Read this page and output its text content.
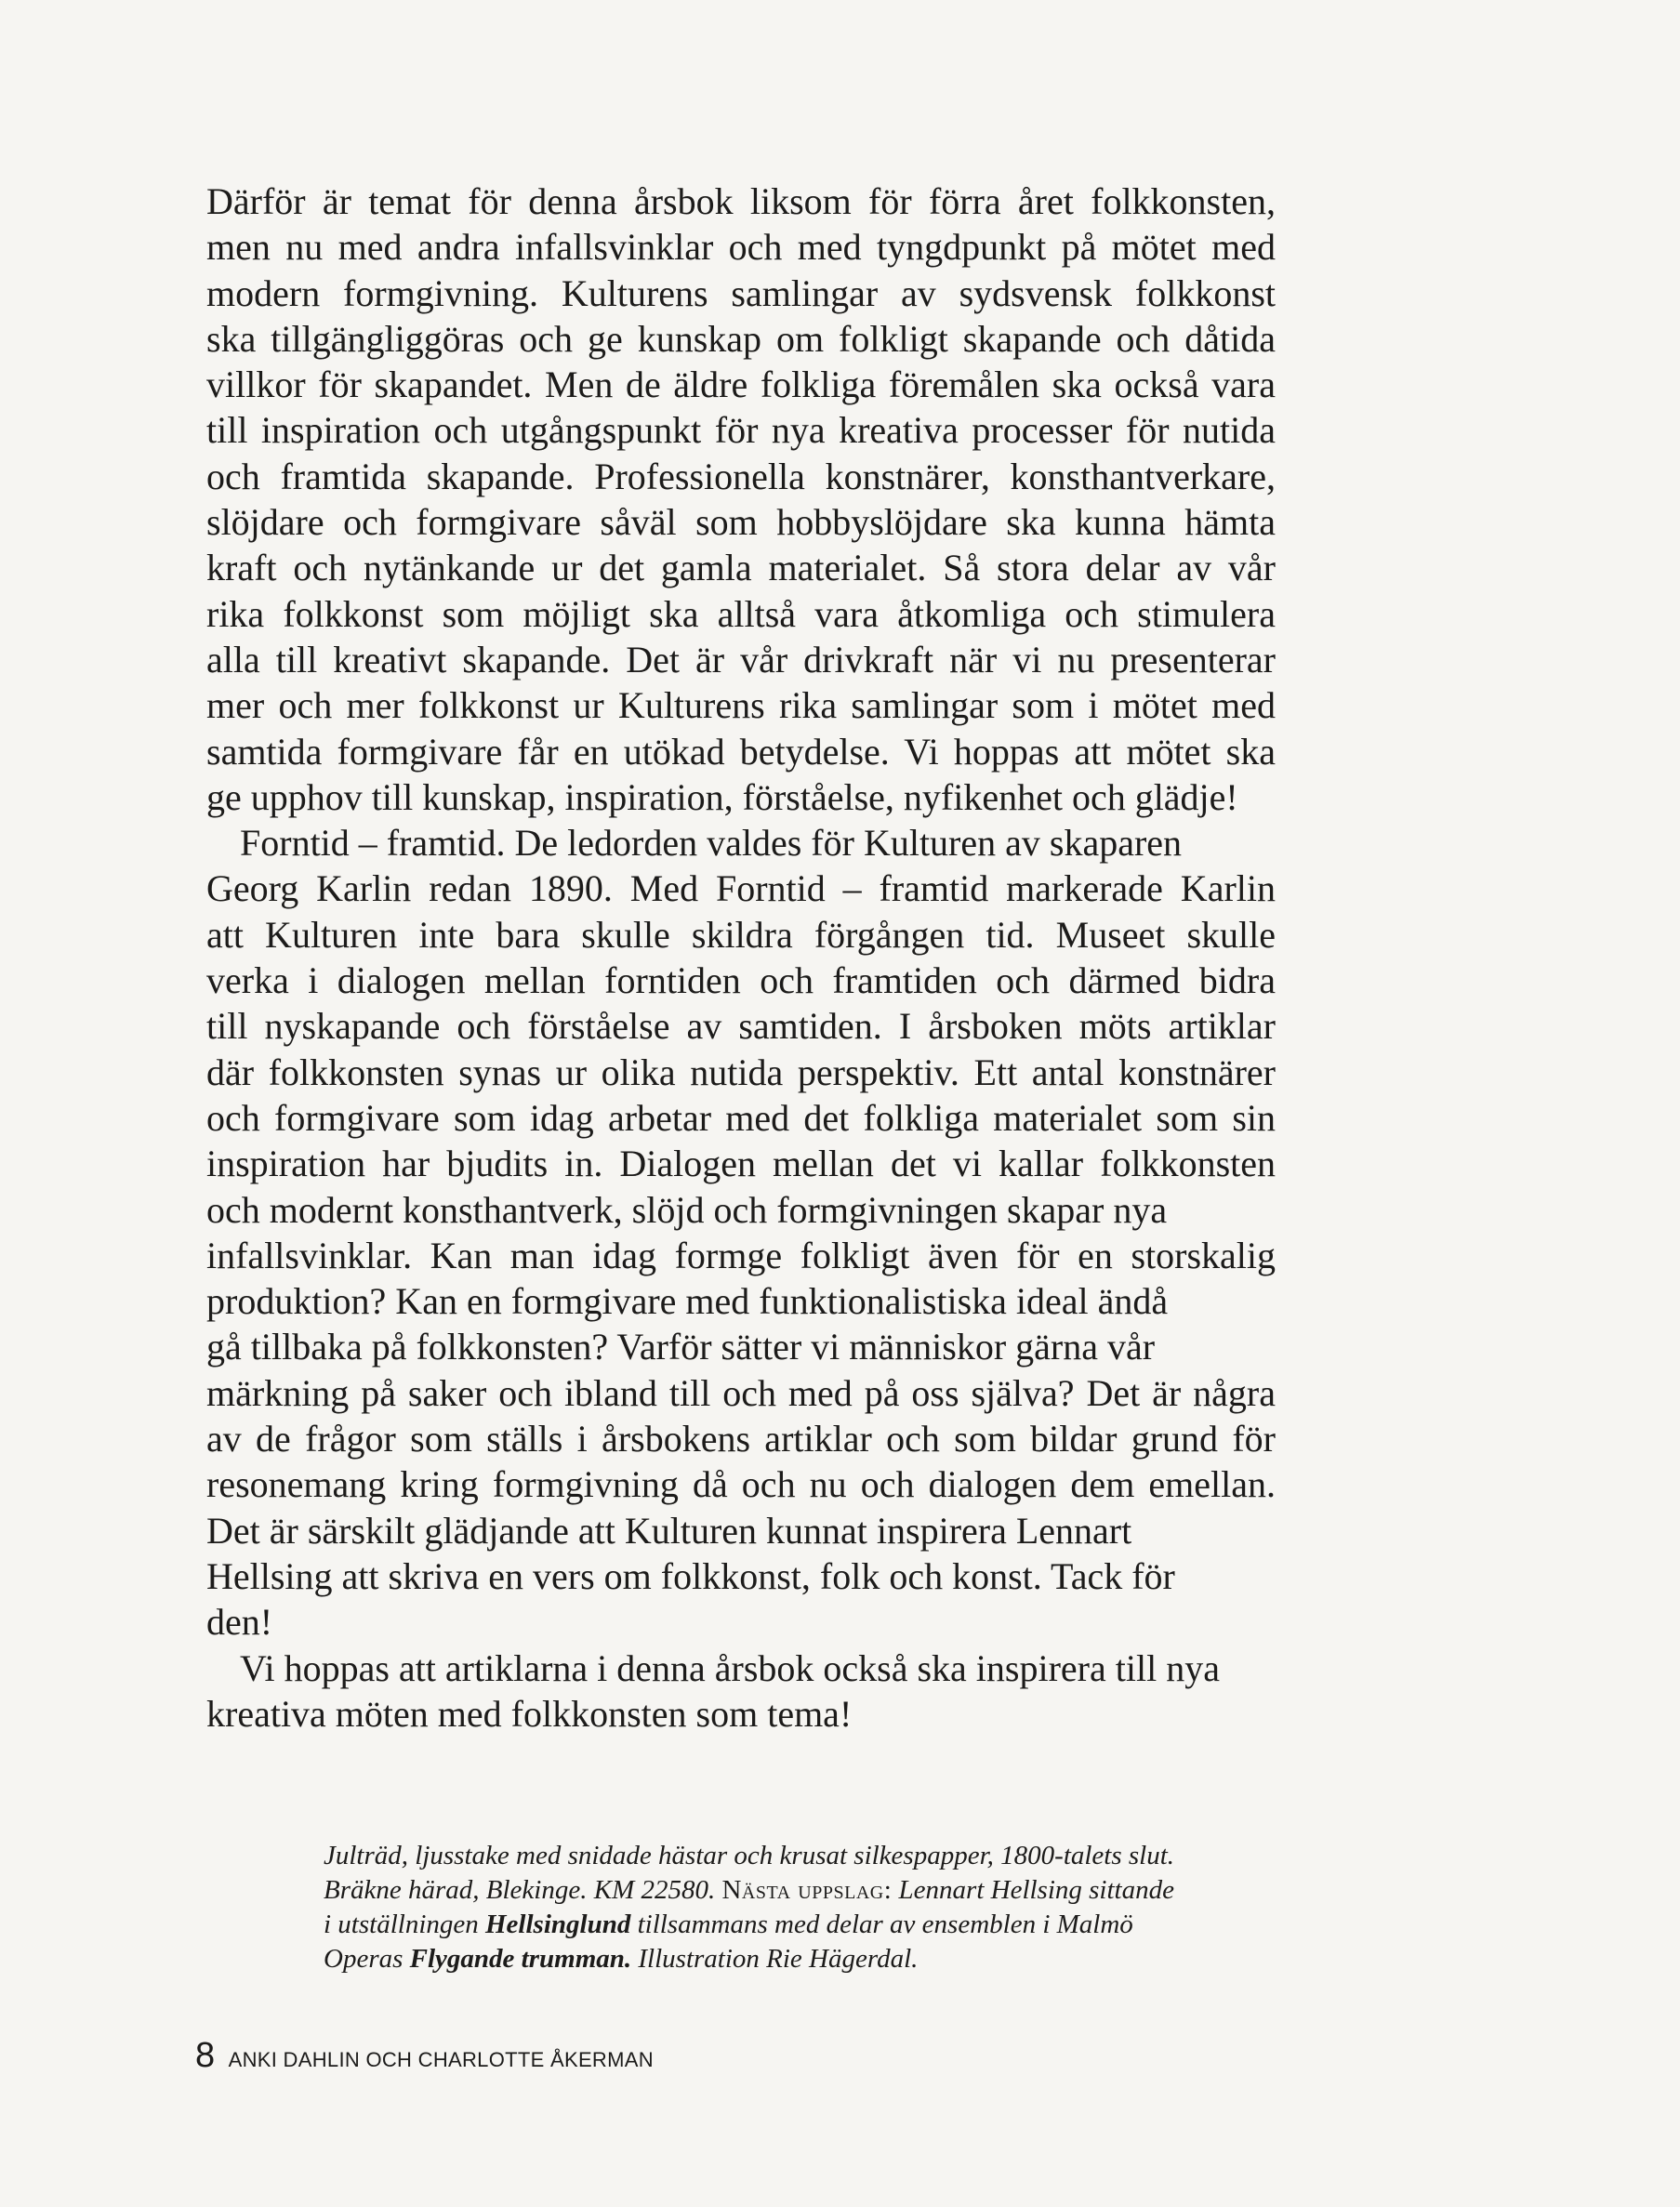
Därför är temat för denna årsbok liksom för förra året folkkonsten,
men nu med andra infallsvinklar och med tyngdpunkt på mötet med
modern formgivning. Kulturens samlingar av sydsvensk folkkonst
ska tillgängliggöras och ge kunskap om folkligt skapande och dåtida
villkor för skapandet. Men de äldre folkliga föremålen ska också vara
till inspiration och utgångspunkt för nya kreativa processer för nutida
och framtida skapande. Professionella konstnärer, konsthantverkare,
slöjdare och formgivare såväl som hobbyslöjdare ska kunna hämta
kraft och nytänkande ur det gamla materialet. Så stora delar av vår
rika folkkonst som möjligt ska alltså vara åtkomliga och stimulera
alla till kreativt skapande. Det är vår drivkraft när vi nu presenterar
mer och mer folkkonst ur Kulturens rika samlingar som i mötet med
samtida formgivare får en utökad betydelse. Vi hoppas att mötet ska
ge upphov till kunskap, inspiration, förståelse, nyfikenhet och glädje!
Forntid – framtid. De ledorden valdes för Kulturen av skaparen
Georg Karlin redan 1890. Med Forntid – framtid markerade Karlin
att Kulturen inte bara skulle skildra förgången tid. Museet skulle
verka i dialogen mellan forntiden och framtiden och därmed bidra
till nyskapande och förståelse av samtiden. I årsboken möts artiklar
där folkkonsten synas ur olika nutida perspektiv. Ett antal konstnärer
och formgivare som idag arbetar med det folkliga materialet som sin
inspiration har bjudits in. Dialogen mellan det vi kallar folkkonsten
och modernt konsthantverk, slöjd och formgivningen skapar nya
infallsvinklar. Kan man idag formge folkligt även för en storskalig
produktion? Kan en formgivare med funktionalistiska ideal ändå
gå tillbaka på folkkonsten? Varför sätter vi människor gärna vår
märkning på saker och ibland till och med på oss själva? Det är några
av de frågor som ställs i årsbokens artiklar och som bildar grund för
resonemang kring formgivning då och nu och dialogen dem emellan.
Det är särskilt glädjande att Kulturen kunnat inspirera Lennart
Hellsing att skriva en vers om folkkonst, folk och konst. Tack för
den!
Vi hoppas att artiklarna i denna årsbok också ska inspirera till nya
kreativa möten med folkkonsten som tema!
Julträd, ljusstake med snidade hästar och krusat silkespapper, 1800-talets slut.
Bräkne härad, Blekinge. KM 22580. Nästa uppslag: Lennart Hellsing sittande
i utställningen Hellsinglund tillsammans med delar av ensemblen i Malmö
Operas Flygande trumman. Illustration Rie Hägerdal.
8 ANKI DAHLIN OCH CHARLOTTE ÅKERMAN
